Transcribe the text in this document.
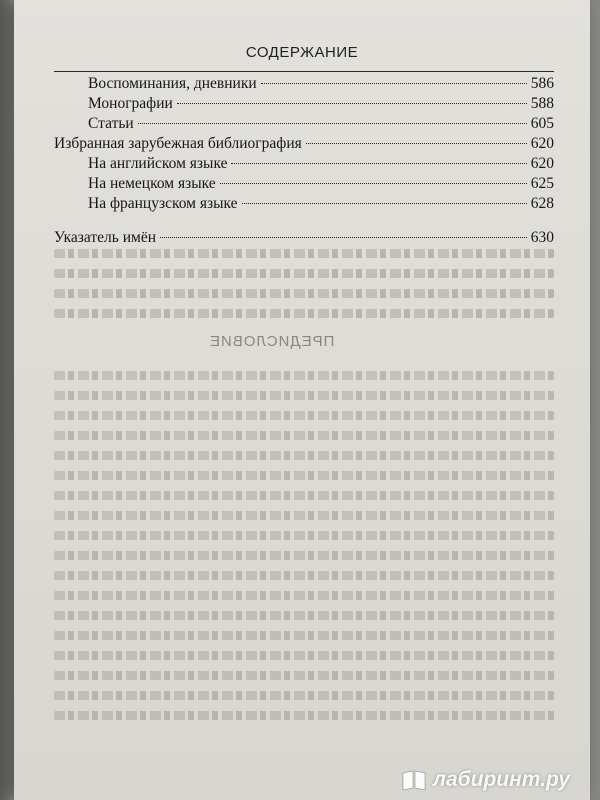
СОДЕРЖАНИЕ
Воспоминания, дневники	586
Монографии	588
Статьи	605
Избранная зарубежная библиография	620
На английском языке	620
На немецком языке	625
На французском языке	628
Указатель имён	630
ПРЕДИСЛОВИЕ
лабиринт.ру
